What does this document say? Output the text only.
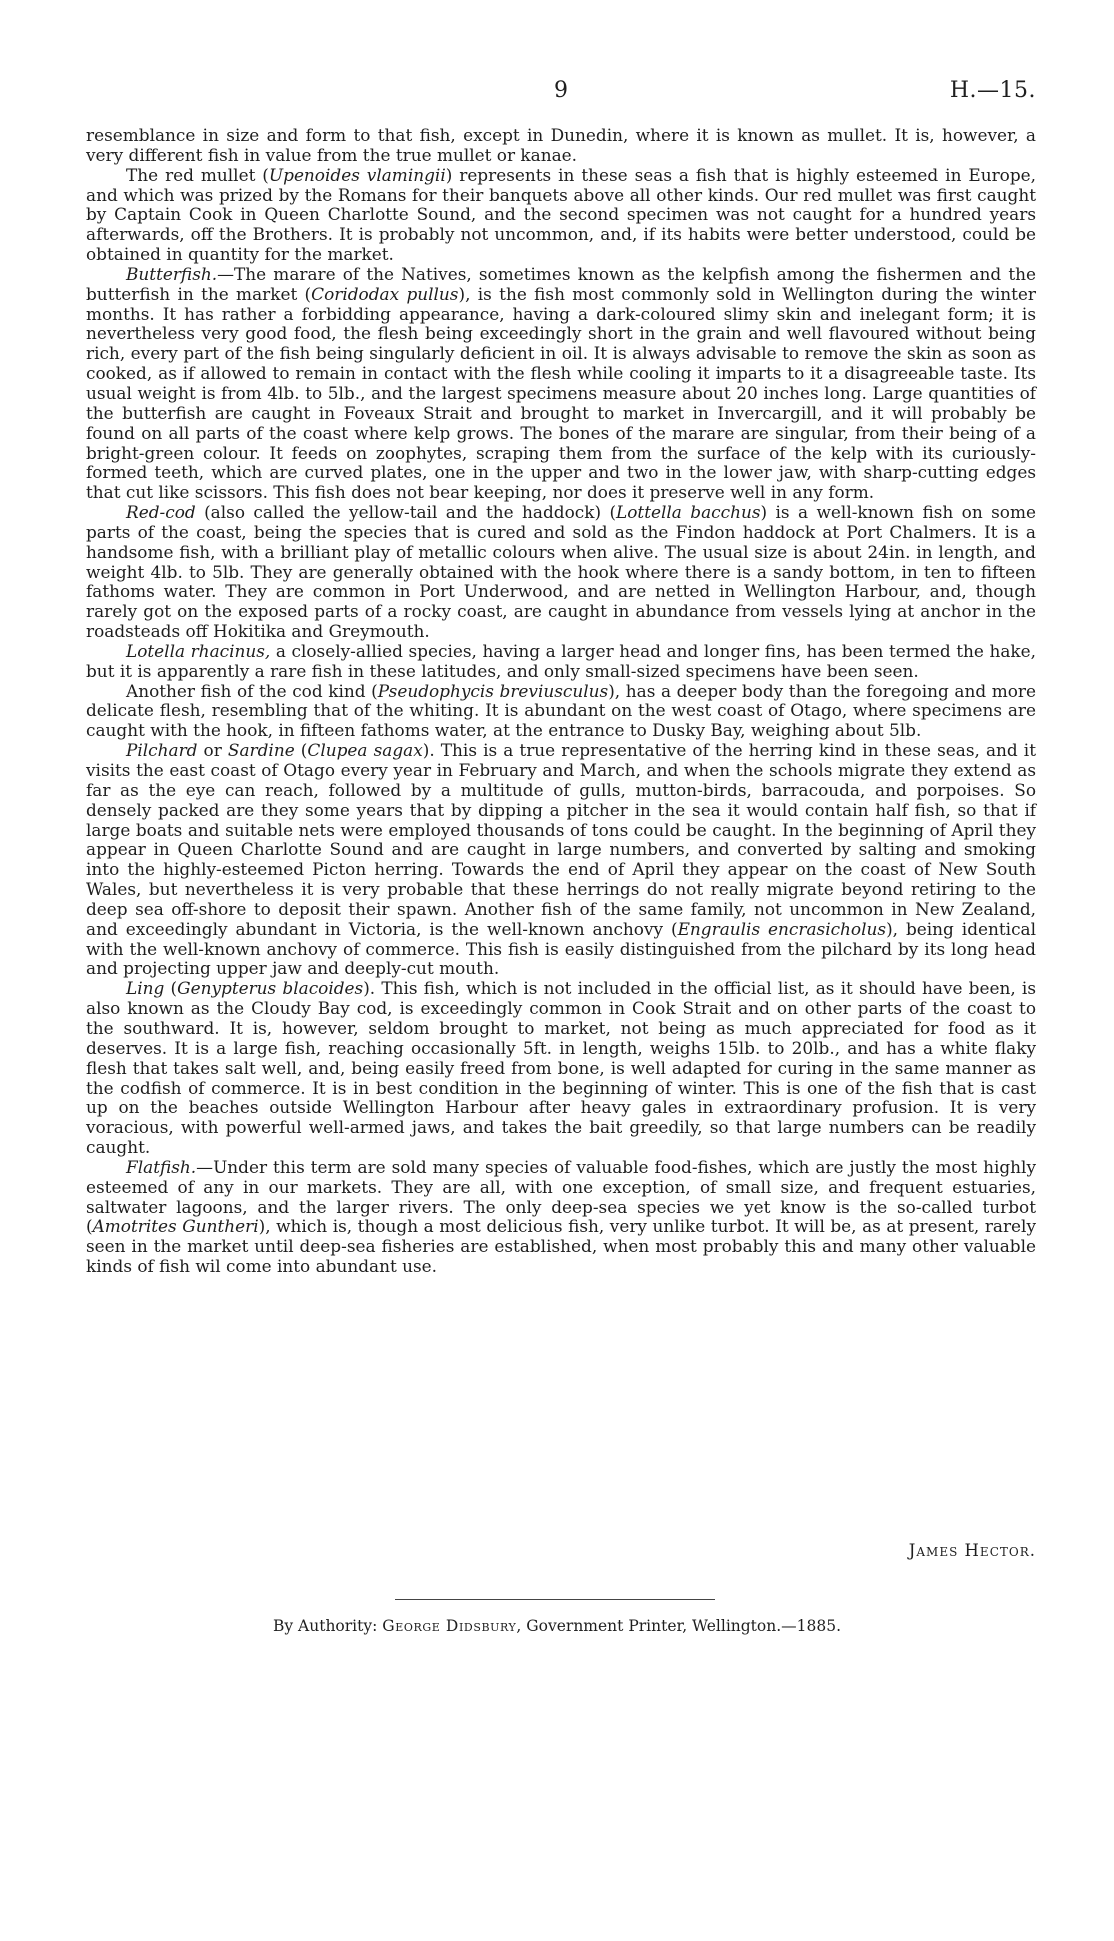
9	H.—15.

resemblance in size and form to that fish, except in Dunedin, where it is known as mullet. It is, however, a very different fish in value from the true mullet or kanae.

The red mullet (Upenoides vlamingii) represents in these seas a fish that is highly esteemed in Europe, and which was prized by the Romans for their banquets above all other kinds. Our red mullet was first caught by Captain Cook in Queen Charlotte Sound, and the second specimen was not caught for a hundred years afterwards, off the Brothers. It is probably not uncommon, and, if its habits were better understood, could be obtained in quantity for the market.

Butterfish.—The marare of the Natives, sometimes known as the kelpfish among the fishermen and the butterfish in the market (Coridodax pullus), is the fish most commonly sold in Wellington during the winter months. It has rather a forbidding appearance, having a dark-coloured slimy skin and inelegant form; it is nevertheless very good food, the flesh being exceedingly short in the grain and well flavoured without being rich, every part of the fish being singularly deficient in oil. It is always advisable to remove the skin as soon as cooked, as if allowed to remain in contact with the flesh while cooling it imparts to it a disagreeable taste. Its usual weight is from 4lb. to 5lb., and the largest specimens measure about 20 inches long. Large quantities of the butterfish are caught in Foveaux Strait and brought to market in Invercargill, and it will probably be found on all parts of the coast where kelp grows. The bones of the marare are singular, from their being of a bright-green colour. It feeds on zoophytes, scraping them from the surface of the kelp with its curiously-formed teeth, which are curved plates, one in the upper and two in the lower jaw, with sharp-cutting edges that cut like scissors. This fish does not bear keeping, nor does it preserve well in any form.

Red-cod (also called the yellow-tail and the haddock) (Lottella bacchus) is a well-known fish on some parts of the coast, being the species that is cured and sold as the Findon haddock at Port Chalmers. It is a handsome fish, with a brilliant play of metallic colours when alive. The usual size is about 24in. in length, and weight 4lb. to 5lb. They are generally obtained with the hook where there is a sandy bottom, in ten to fifteen fathoms water. They are common in Port Underwood, and are netted in Wellington Harbour, and, though rarely got on the exposed parts of a rocky coast, are caught in abundance from vessels lying at anchor in the roadsteads off Hokitika and Greymouth.

Lotella rhacinus, a closely-allied species, having a larger head and longer fins, has been termed the hake, but it is apparently a rare fish in these latitudes, and only small-sized specimens have been seen.

Another fish of the cod kind (Pseudophycis breviusculus), has a deeper body than the foregoing and more delicate flesh, resembling that of the whiting. It is abundant on the west coast of Otago, where specimens are caught with the hook, in fifteen fathoms water, at the entrance to Dusky Bay, weighing about 5lb.

Pilchard or Sardine (Clupea sagax). This is a true representative of the herring kind in these seas, and it visits the east coast of Otago every year in February and March, and when the schools migrate they extend as far as the eye can reach, followed by a multitude of gulls, mutton-birds, barracouda, and porpoises. So densely packed are they some years that by dipping a pitcher in the sea it would contain half fish, so that if large boats and suitable nets were employed thousands of tons could be caught. In the beginning of April they appear in Queen Charlotte Sound and are caught in large numbers, and converted by salting and smoking into the highly-esteemed Picton herring. Towards the end of April they appear on the coast of New South Wales, but nevertheless it is very probable that these herrings do not really migrate beyond retiring to the deep sea off-shore to deposit their spawn. Another fish of the same family, not uncommon in New Zealand, and exceedingly abundant in Victoria, is the well-known anchovy (Engraulis encrasicholus), being identical with the well-known anchovy of commerce. This fish is easily distinguished from the pilchard by its long head and projecting upper jaw and deeply-cut mouth.

Ling (Genypterus blacoides). This fish, which is not included in the official list, as it should have been, is also known as the Cloudy Bay cod, is exceedingly common in Cook Strait and on other parts of the coast to the southward. It is, however, seldom brought to market, not being as much appreciated for food as it deserves. It is a large fish, reaching occasionally 5ft. in length, weighs 15lb. to 20lb., and has a white flaky flesh that takes salt well, and, being easily freed from bone, is well adapted for curing in the same manner as the codfish of commerce. It is in best condition in the beginning of winter. This is one of the fish that is cast up on the beaches outside Wellington Harbour after heavy gales in extraordinary profusion. It is very voracious, with powerful well-armed jaws, and takes the bait greedily, so that large numbers can be readily caught.

Flatfish.—Under this term are sold many species of valuable food-fishes, which are justly the most highly esteemed of any in our markets. They are all, with one exception, of small size, and frequent estuaries, saltwater lagoons, and the larger rivers. The only deep-sea species we yet know is the so-called turbot (Amotrites Guntheri), which is, though a most delicious fish, very unlike turbot. It will be, as at present, rarely seen in the market until deep-sea fisheries are established, when most probably this and many other valuable kinds of fish wil come into abundant use.

James Hector.
By Authority: George Didsbury, Government Printer, Wellington.—1885.
